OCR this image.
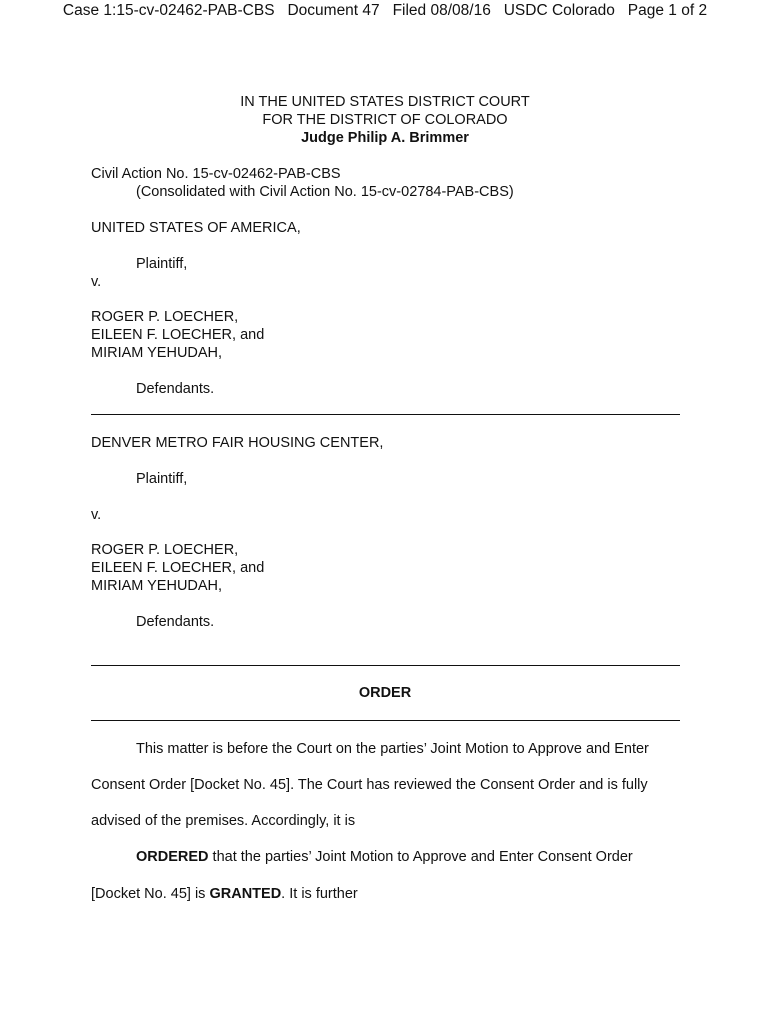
Case 1:15-cv-02462-PAB-CBS   Document 47   Filed 08/08/16   USDC Colorado   Page 1 of 2
IN THE UNITED STATES DISTRICT COURT
FOR THE DISTRICT OF COLORADO
Judge Philip A. Brimmer
Civil Action No. 15-cv-02462-PAB-CBS
(Consolidated with Civil Action No. 15-cv-02784-PAB-CBS)
UNITED STATES OF AMERICA,
Plaintiff,
v.
ROGER P. LOECHER,
EILEEN F. LOECHER, and
MIRIAM YEHUDAH,
Defendants.
DENVER METRO FAIR HOUSING CENTER,
Plaintiff,
v.
ROGER P. LOECHER,
EILEEN F. LOECHER, and
MIRIAM YEHUDAH,
Defendants.
ORDER
This matter is before the Court on the parties’ Joint Motion to Approve and Enter
Consent Order [Docket No. 45]. The Court has reviewed the Consent Order and is fully
advised of the premises. Accordingly, it is
ORDERED that the parties’ Joint Motion to Approve and Enter Consent Order
[Docket No. 45] is GRANTED. It is further
